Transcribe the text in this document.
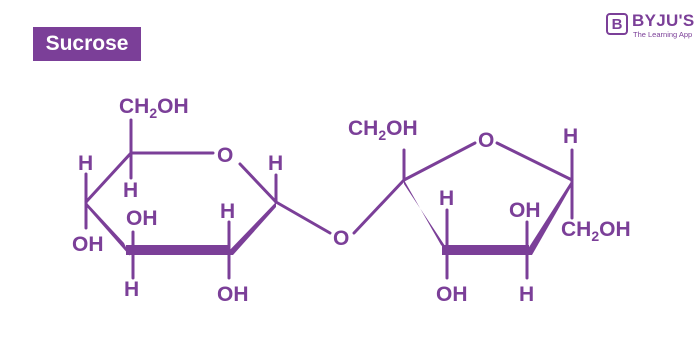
Sucrose
B BYJU'S
The Learning App
$CH_2OH$
O H
H
H
OH
OH	H
H	OH
O
$CH_2OH$
O	H
H
OH
$CH_2OH$
OH H
